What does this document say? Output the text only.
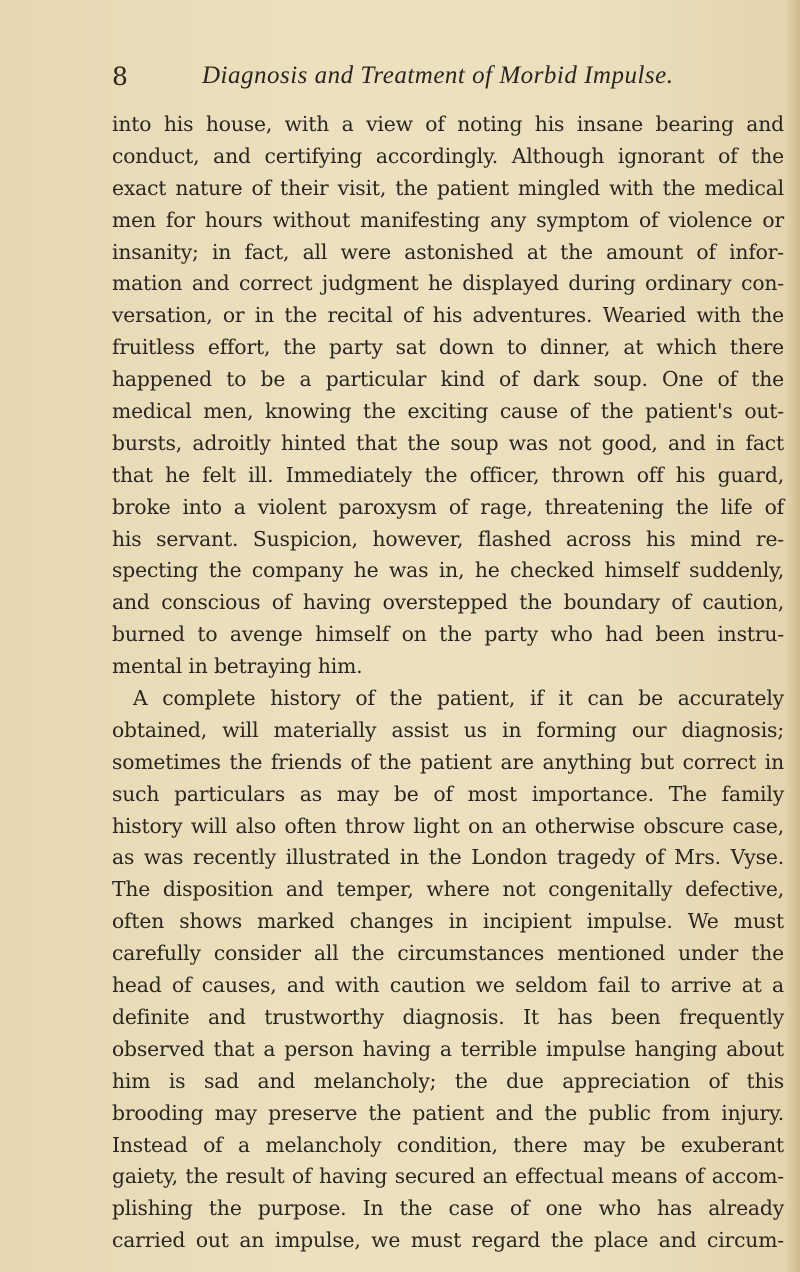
8	Diagnosis and Treatment of Morbid Impulse.
into his house, with a view of noting his insane bearing and
conduct, and certifying accordingly. Although ignorant of the
exact nature of their visit, the patient mingled with the medical
men for hours without manifesting any symptom of violence or
insanity; in fact, all were astonished at the amount of infor-
mation and correct judgment he displayed during ordinary con-
versation, or in the recital of his adventures. Wearied with the
fruitless effort, the party sat down to dinner, at which there
happened to be a particular kind of dark soup. One of the
medical men, knowing the exciting cause of the patient's out-
bursts, adroitly hinted that the soup was not good, and in fact
that he felt ill. Immediately the officer, thrown off his guard,
broke into a violent paroxysm of rage, threatening the life of
his servant. Suspicion, however, flashed across his mind re-
specting the company he was in, he checked himself suddenly,
and conscious of having overstepped the boundary of caution,
burned to avenge himself on the party who had been instru-
mental in betraying him.
A complete history of the patient, if it can be accurately
obtained, will materially assist us in forming our diagnosis;
sometimes the friends of the patient are anything but correct in
such particulars as may be of most importance. The family
history will also often throw light on an otherwise obscure case,
as was recently illustrated in the London tragedy of Mrs. Vyse.
The disposition and temper, where not congenitally defective,
often shows marked changes in incipient impulse. We must
carefully consider all the circumstances mentioned under the
head of causes, and with caution we seldom fail to arrive at a
definite and trustworthy diagnosis. It has been frequently
observed that a person having a terrible impulse hanging about
him is sad and melancholy; the due appreciation of this
brooding may preserve the patient and the public from injury.
Instead of a melancholy condition, there may be exuberant
gaiety, the result of having secured an effectual means of accom-
plishing the purpose. In the case of one who has already
carried out an impulse, we must regard the place and circum-
